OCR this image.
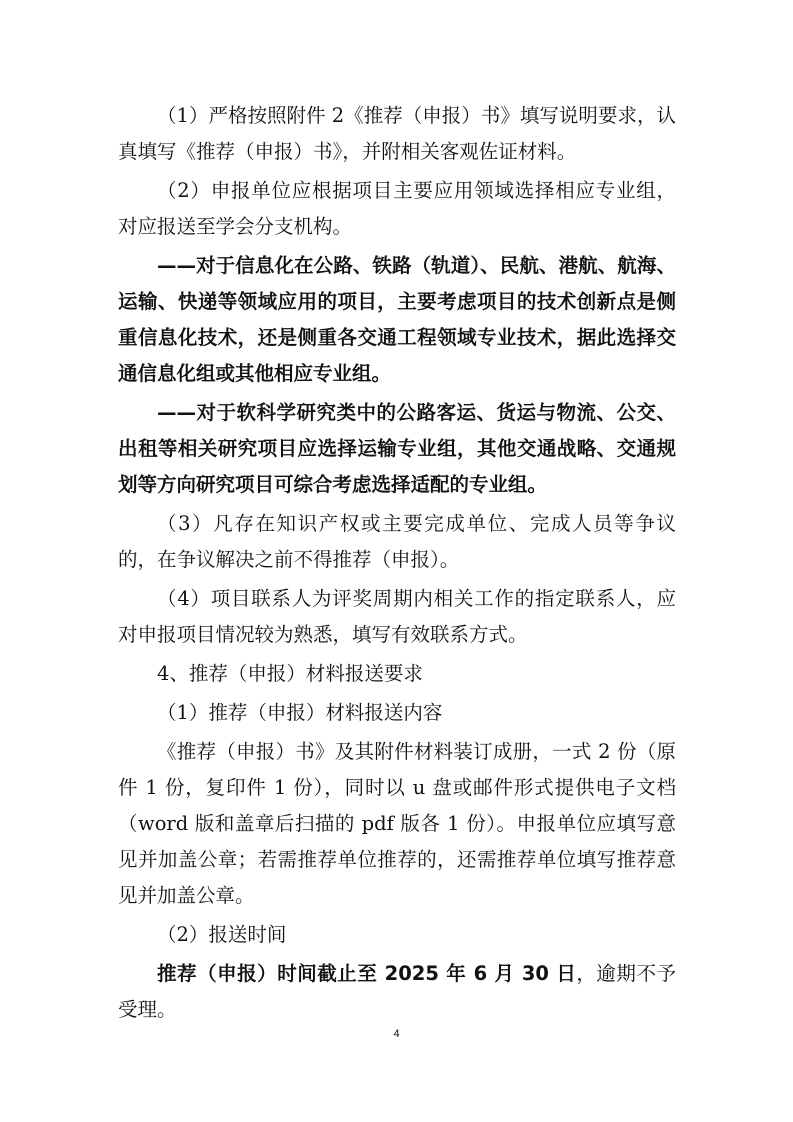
（1）严格按照附件 2《推荐（申报）书》填写说明要求，认真填写《推荐（申报）书》，并附相关客观佐证材料。

（2）申报单位应根据项目主要应用领域选择相应专业组，对应报送至学会分支机构。

——对于信息化在公路、铁路（轨道）、民航、港航、航海、运输、快递等领域应用的项目，主要考虑项目的技术创新点是侧重信息化技术，还是侧重各交通工程领域专业技术，据此选择交通信息化组或其他相应专业组。

——对于软科学研究类中的公路客运、货运与物流、公交、出租等相关研究项目应选择运输专业组，其他交通战略、交通规划等方向研究项目可综合考虑选择适配的专业组。

（3）凡存在知识产权或主要完成单位、完成人员等争议的，在争议解决之前不得推荐（申报）。

（4）项目联系人为评奖周期内相关工作的指定联系人，应对申报项目情况较为熟悉，填写有效联系方式。

4、推荐（申报）材料报送要求

（1）推荐（申报）材料报送内容

《推荐（申报）书》及其附件材料装订成册，一式 2 份（原件 1 份，复印件 1 份），同时以 u 盘或邮件形式提供电子文档（word 版和盖章后扫描的 pdf 版各 1 份）。申报单位应填写意见并加盖公章；若需推荐单位推荐的，还需推荐单位填写推荐意见并加盖公章。

（2）报送时间

推荐（申报）时间截止至 2025 年 6 月 30 日，逾期不予受理。

4
